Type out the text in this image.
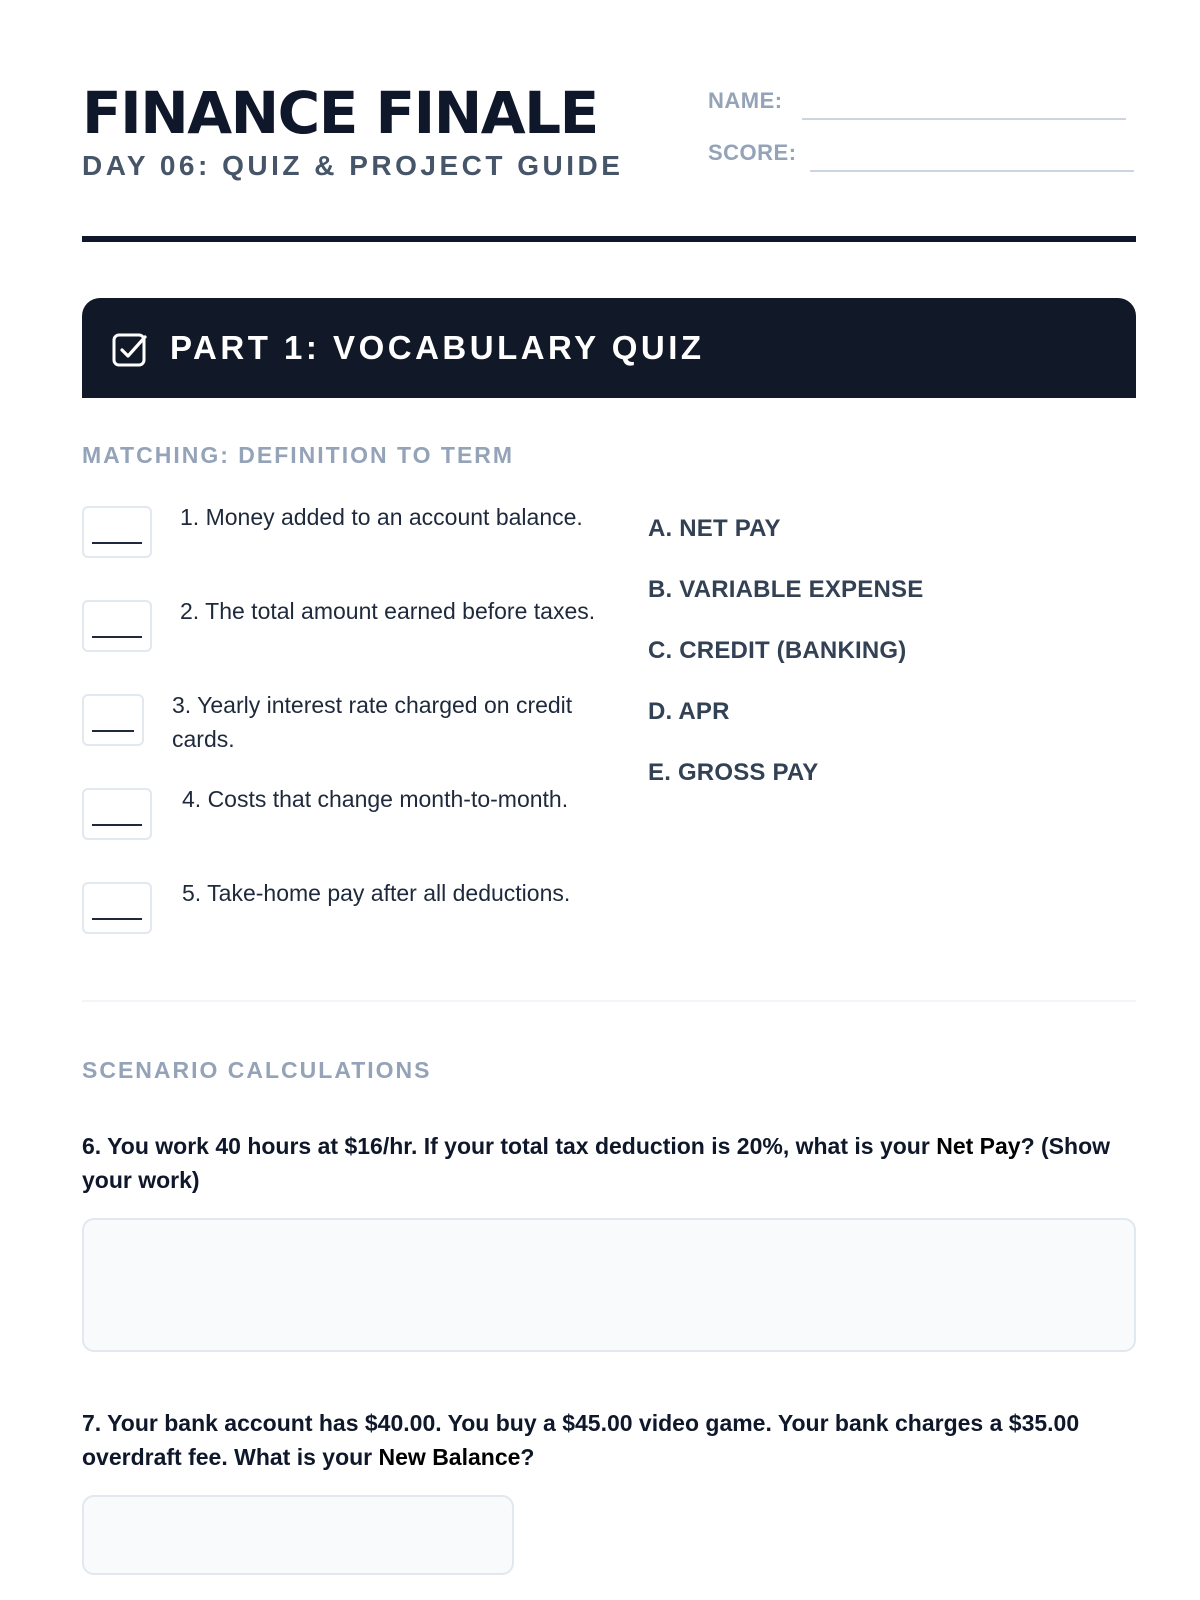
FINANCE FINALE
DAY 06: QUIZ & PROJECT GUIDE
NAME:
SCORE:
PART 1: VOCABULARY QUIZ
MATCHING: DEFINITION TO TERM
1. Money added to an account balance.
2. The total amount earned before taxes.
3. Yearly interest rate charged on credit cards.
4. Costs that change month-to-month.
5. Take-home pay after all deductions.
A. NET PAY
B. VARIABLE EXPENSE
C. CREDIT (BANKING)
D. APR
E. GROSS PAY
SCENARIO CALCULATIONS
6. You work 40 hours at $16/hr. If your total tax deduction is 20%, what is your Net Pay? (Show your work)
7. Your bank account has $40.00. You buy a $45.00 video game. Your bank charges a $35.00 overdraft fee. What is your New Balance?
